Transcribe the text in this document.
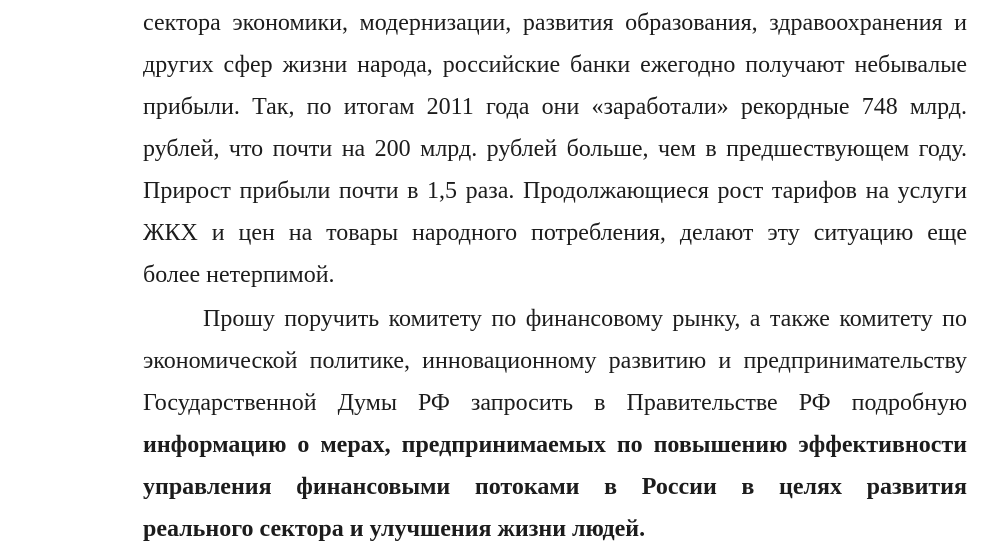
сектора экономики, модернизации, развития образования, здравоохранения и
других сфер жизни народа, российские банки ежегодно получают небывалые
прибыли. Так, по итогам 2011 года они «заработали» рекордные 748 млрд.
рублей, что почти на 200 млрд. рублей больше, чем в предшествующем году.
Прирост прибыли почти в 1,5 раза. Продолжающиеся рост тарифов на услуги
ЖКХ и цен на товары народного потребления, делают эту ситуацию еще
более нетерпимой.
Прошу поручить комитету по финансовому рынку, а также комитету по
экономической политике, инновационному развитию и предпринимательству
Государственной Думы РФ запросить в Правительстве РФ подробную
информацию о мерах, предпринимаемых по повышению эффективности
управления финансовыми потоками в России в целях развития
реального сектора и улучшения жизни людей.
